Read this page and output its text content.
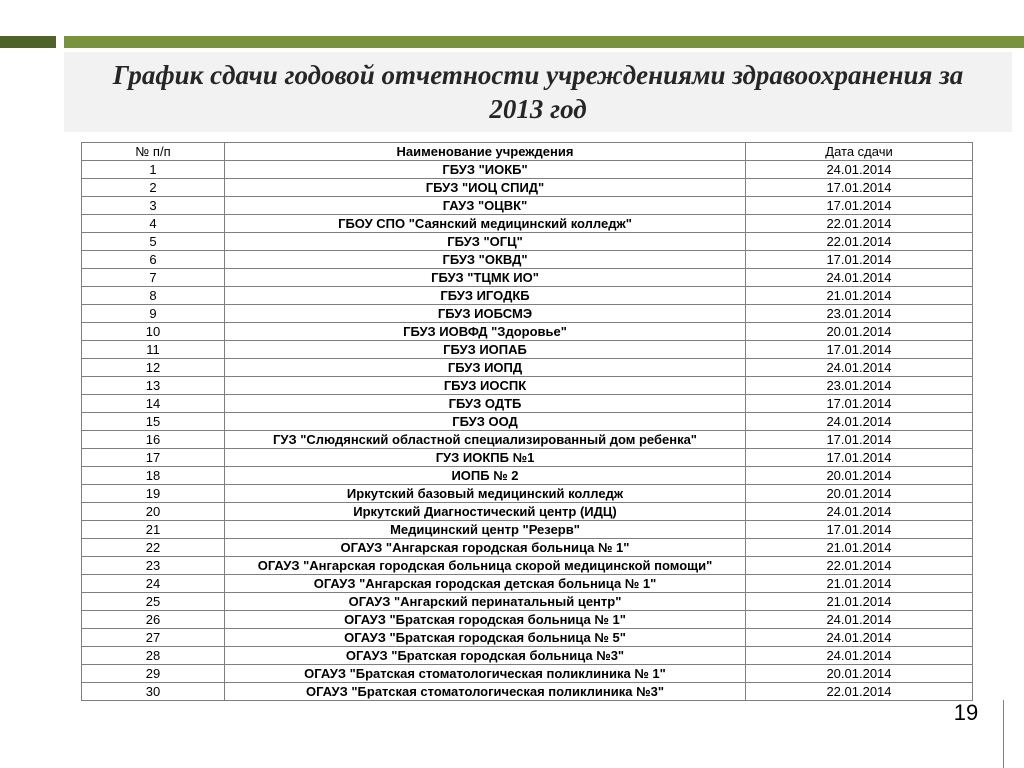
График сдачи годовой отчетности учреждениями здравоохранения за 2013 год
№ п/п	Наименование учреждения	Дата сдачи
1	ГБУЗ "ИОКБ"	24.01.2014
2	ГБУЗ "ИОЦ СПИД"	17.01.2014
3	ГАУЗ "ОЦВК"	17.01.2014
4	ГБОУ СПО "Саянский медицинский колледж"	22.01.2014
5	ГБУЗ "ОГЦ"	22.01.2014
6	ГБУЗ "ОКВД"	17.01.2014
7	ГБУЗ "ТЦМК ИО"	24.01.2014
8	ГБУЗ ИГОДКБ	21.01.2014
9	ГБУЗ ИОБСМЭ	23.01.2014
10	ГБУЗ ИОВФД "Здоровье"	20.01.2014
11	ГБУЗ ИОПАБ	17.01.2014
12	ГБУЗ ИОПД	24.01.2014
13	ГБУЗ ИОСПК	23.01.2014
14	ГБУЗ ОДТБ	17.01.2014
15	ГБУЗ ООД	24.01.2014
16	ГУЗ "Слюдянский областной специализированный дом ребенка"	17.01.2014
17	ГУЗ ИОКПБ №1	17.01.2014
18	ИОПБ № 2	20.01.2014
19	Иркутский базовый медицинский колледж	20.01.2014
20	Иркутский Диагностический центр (ИДЦ)	24.01.2014
21	Медицинский центр "Резерв"	17.01.2014
22	ОГАУЗ "Ангарская городская больница № 1"	21.01.2014
23	ОГАУЗ "Ангарская городская больница скорой медицинской помощи"	22.01.2014
24	ОГАУЗ "Ангарская городская детская больница № 1"	21.01.2014
25	ОГАУЗ "Ангарский перинатальный центр"	21.01.2014
26	ОГАУЗ "Братская городская больница № 1"	24.01.2014
27	ОГАУЗ "Братская городская больница № 5"	24.01.2014
28	ОГАУЗ "Братская городская больница №3"	24.01.2014
29	ОГАУЗ "Братская стоматологическая поликлиника № 1"	20.01.2014
30	ОГАУЗ "Братская стоматологическая поликлиника №3"	22.01.2014
19
